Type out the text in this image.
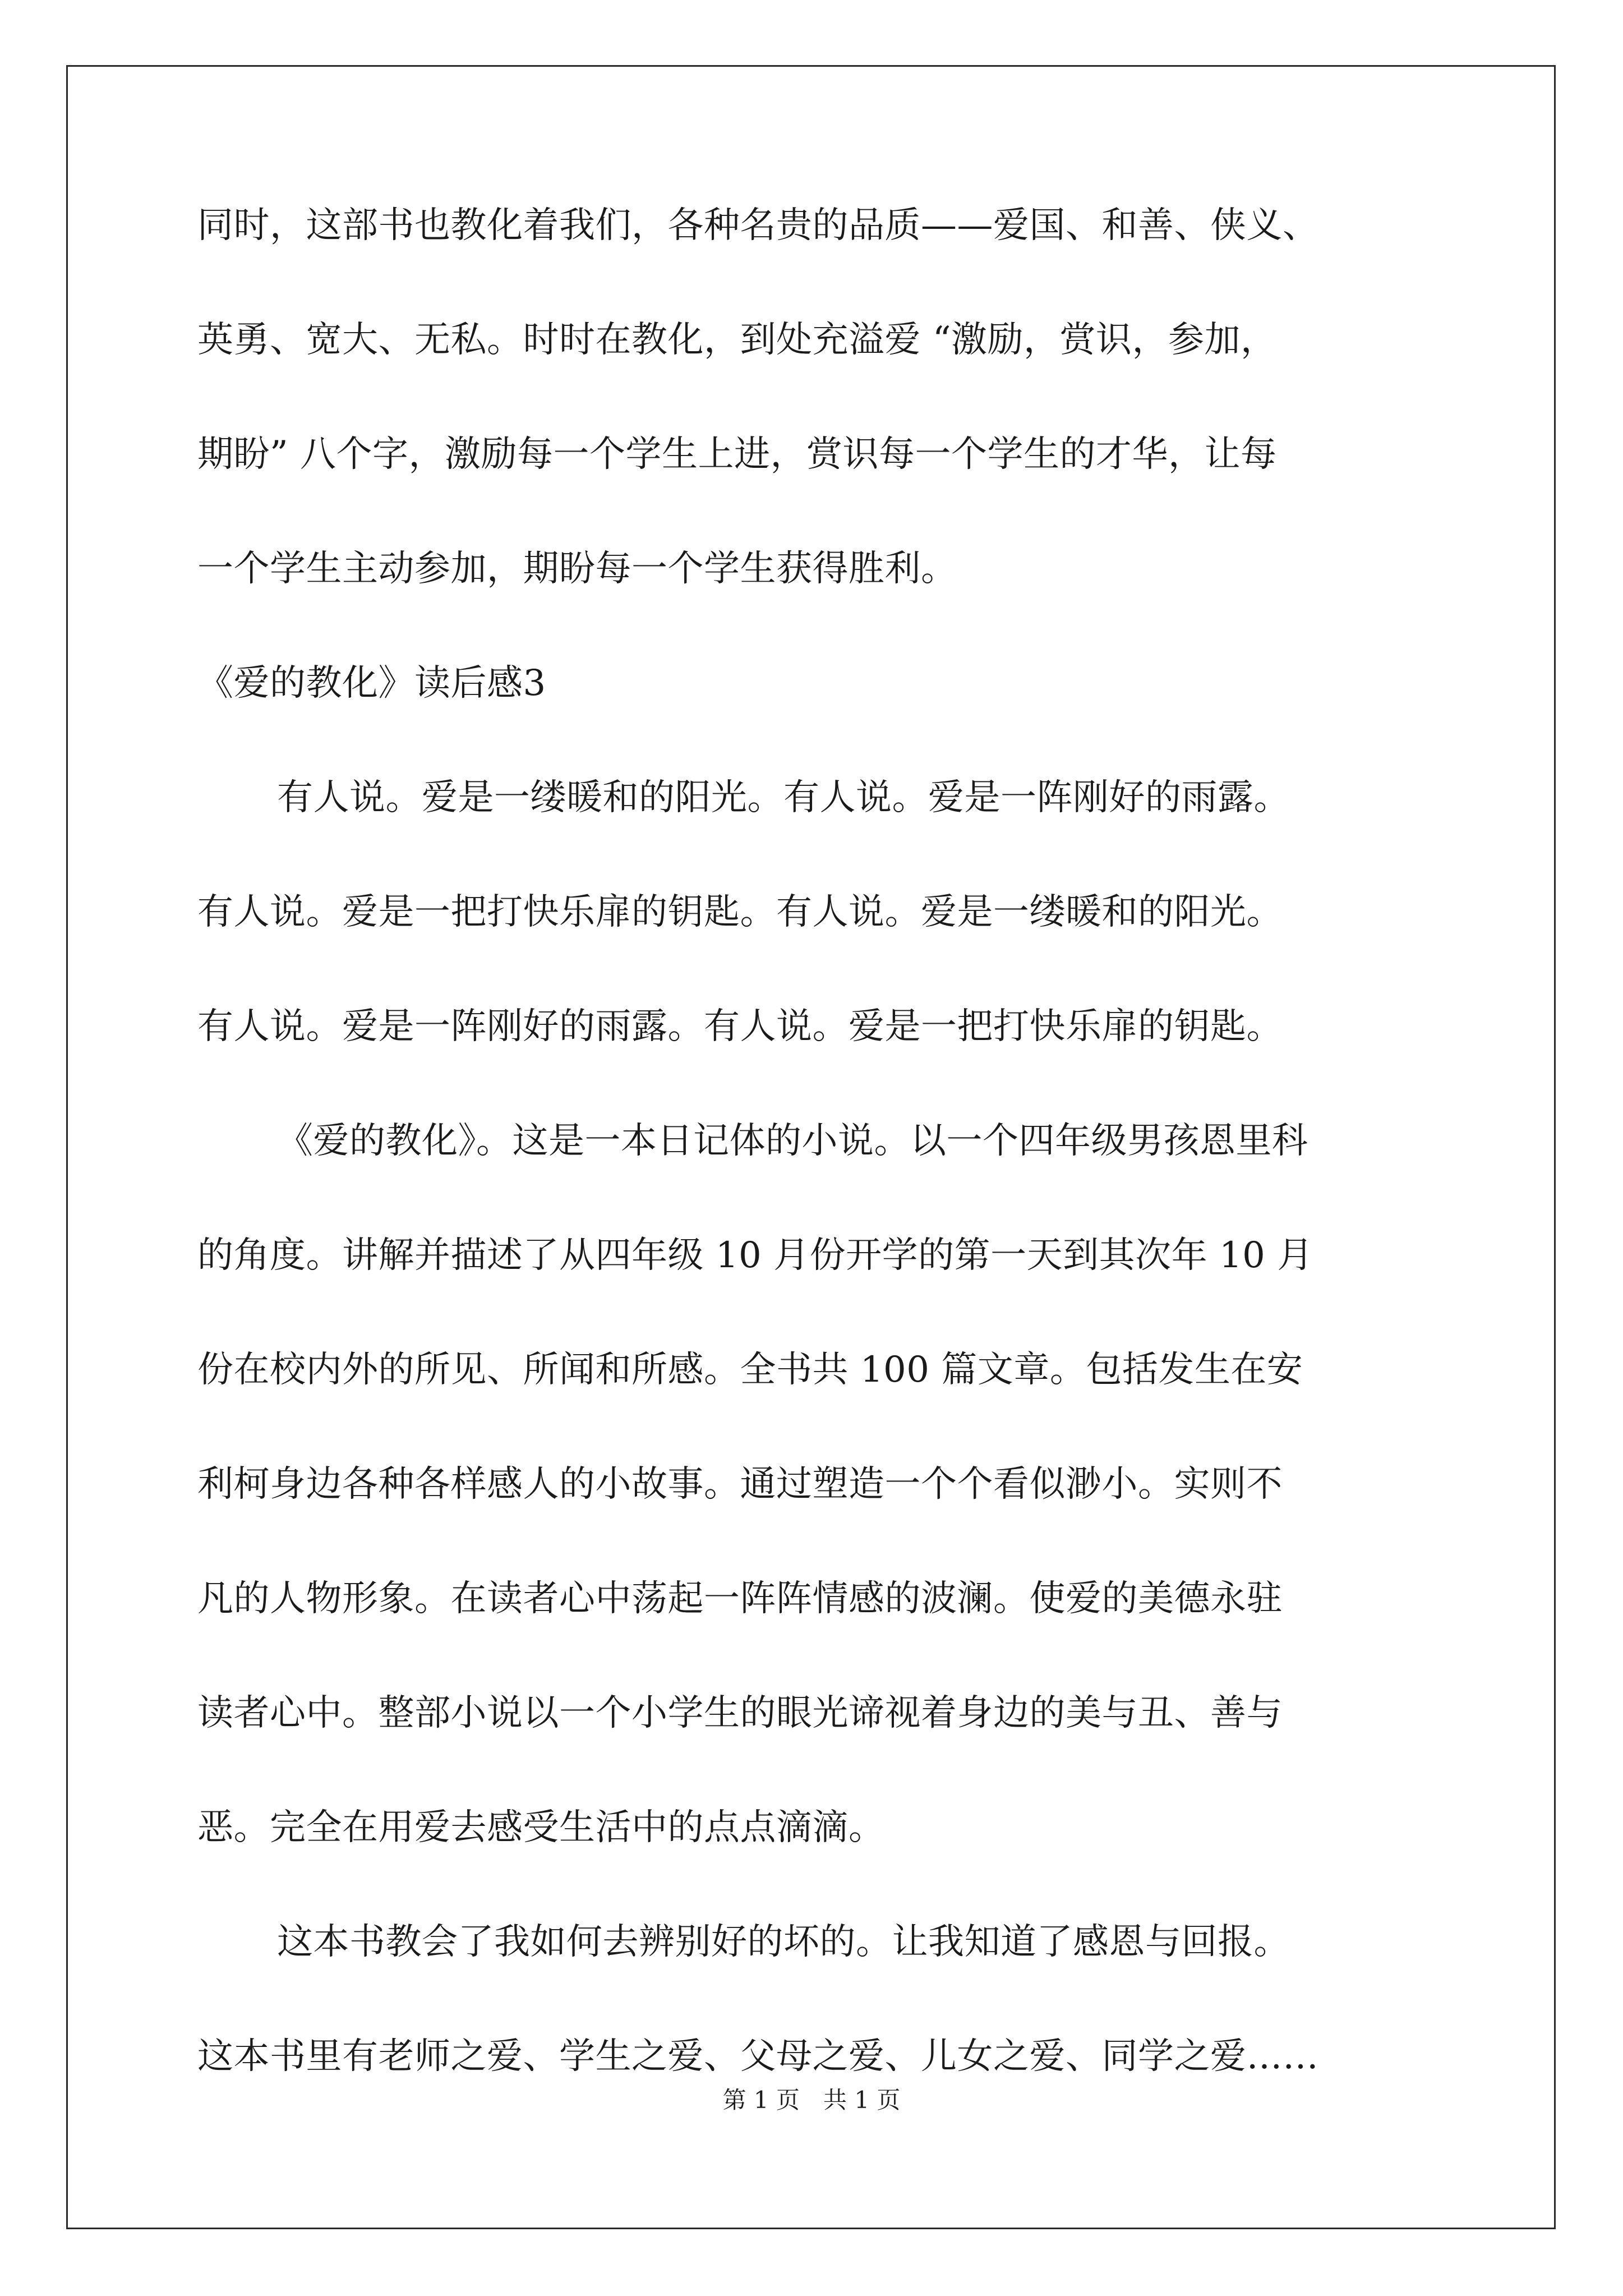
同时，这部书也教化着我们，各种名贵的品质——爱国、和善、侠义、
英勇、宽大、无私。时时在教化，到处充溢爱 “激励，赏识，参加，
期盼” 八个字，激励每一个学生上进，赏识每一个学生的才华，让每
一个学生主动参加，期盼每一个学生获得胜利。
《爱的教化》读后感3
有人说。爱是一缕暖和的阳光。有人说。爱是一阵刚好的雨露。
有人说。爱是一把打快乐扉的钥匙。有人说。爱是一缕暖和的阳光。
有人说。爱是一阵刚好的雨露。有人说。爱是一把打快乐扉的钥匙。
《爱的教化》。这是一本日记体的小说。以一个四年级男孩恩里科
的角度。讲解并描述了从四年级 10 月份开学的第一天到其次年 10 月
份在校内外的所见、所闻和所感。全书共 100 篇文章。包括发生在安
利柯身边各种各样感人的小故事。通过塑造一个个看似渺小。实则不
凡的人物形象。在读者心中荡起一阵阵情感的波澜。使爱的美德永驻
读者心中。整部小说以一个小学生的眼光谛视着身边的美与丑、善与
恶。完全在用爱去感受生活中的点点滴滴。
这本书教会了我如何去辨别好的坏的。让我知道了感恩与回报。
这本书里有老师之爱、学生之爱、父母之爱、儿女之爱、同学之爱……
第 1 页　共 1 页
